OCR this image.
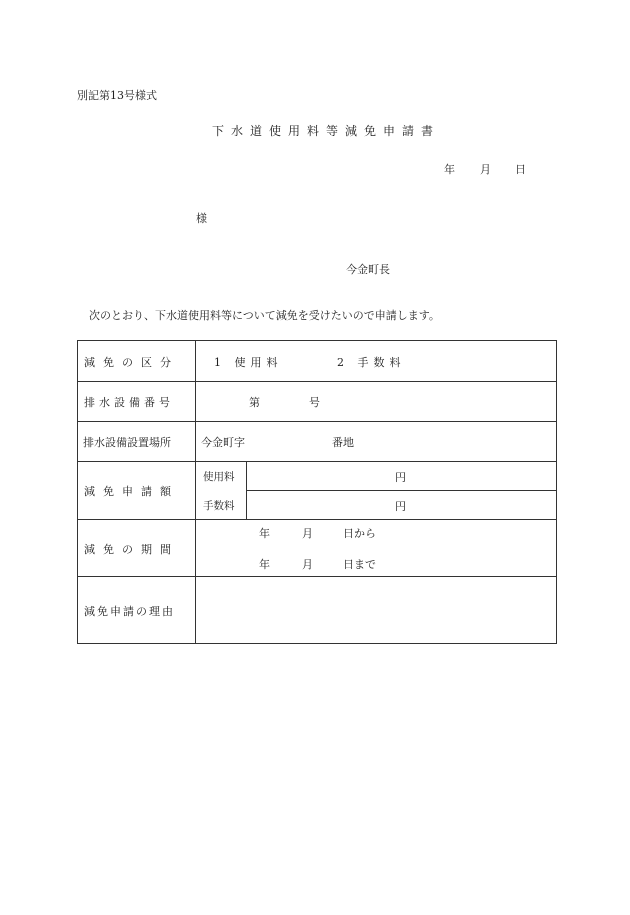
別記第13号様式
下水道使用料等減免申請書
年 月 日
様
今金町長
次のとおり、下水道使用料等について減免を受けたいので申請します。
減免の区分	1 使用料	2 手数料
排水設備番号	第	号
排水設備設置場所	今金町字	番地
減免申請額
使用料	円
手数料	円
減免の期間
年	月	日から
年	月	日まで
減免申請の理由
